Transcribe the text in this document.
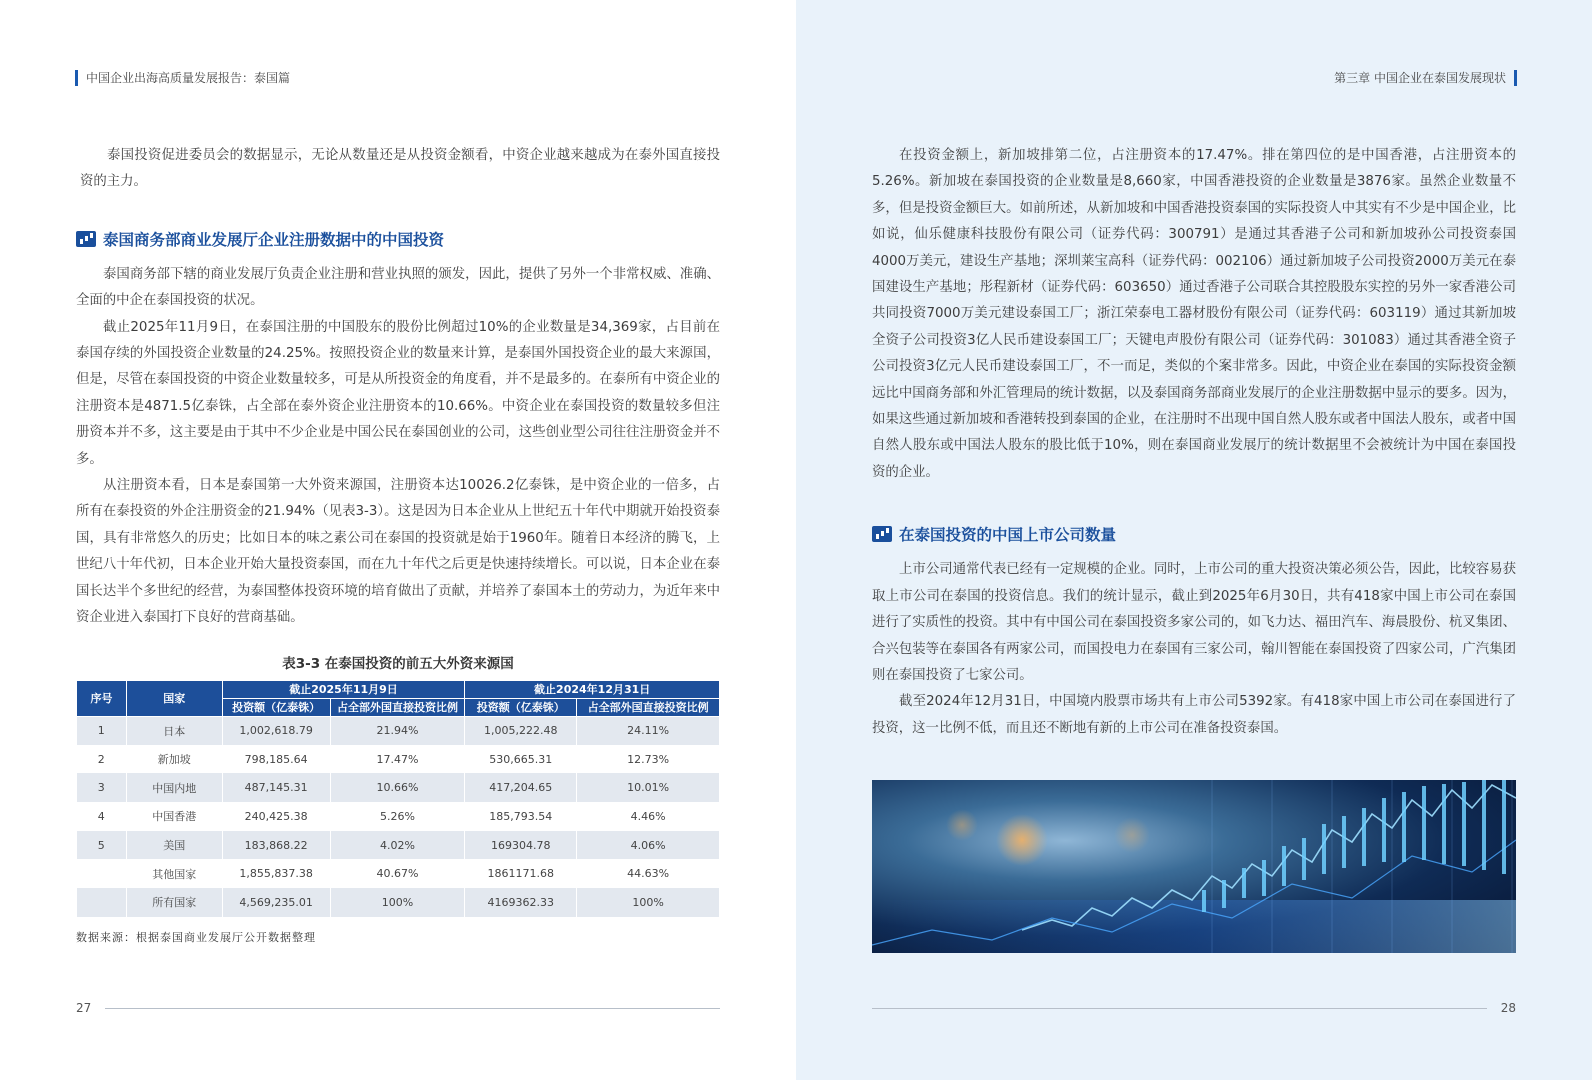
中国企业出海高质量发展报告：泰国篇

泰国投资促进委员会的数据显示，无论从数量还是从投资金额看，中资企业越来越成为在泰外国直接投资的主力。

泰国商务部商业发展厅企业注册数据中的中国投资

泰国商务部下辖的商业发展厅负责企业注册和营业执照的颁发，因此，提供了另外一个非常权威、准确、全面的中企在泰国投资的状况。

截止2025年11月9日，在泰国注册的中国股东的股份比例超过10%的企业数量是34,369家，占目前在泰国存续的外国投资企业数量的24.25%。按照投资企业的数量来计算，是泰国外国投资企业的最大来源国，但是，尽管在泰国投资的中资企业数量较多，可是从所投资金的角度看，并不是最多的。在泰所有中资企业的注册资本是4871.5亿泰铢，占全部在泰外资企业注册资本的10.66%。中资企业在泰国投资的数量较多但注册资本并不多，这主要是由于其中不少企业是中国公民在泰国创业的公司，这些创业型公司往往注册资金并不多。

从注册资本看，日本是泰国第一大外资来源国，注册资本达10026.2亿泰铢，是中资企业的一倍多，占所有在泰投资的外企注册资金的21.94%（见表3-3）。这是因为日本企业从上世纪五十年代中期就开始投资泰国，具有非常悠久的历史；比如日本的味之素公司在泰国的投资就是始于1960年。随着日本经济的腾飞，上世纪八十年代初，日本企业开始大量投资泰国，而在九十年代之后更是快速持续增长。可以说，日本企业在泰国长达半个多世纪的经营，为泰国整体投资环境的培育做出了贡献，并培养了泰国本土的劳动力，为近年来中资企业进入泰国打下良好的营商基础。

表3-3 在泰国投资的前五大外资来源国
序号	国家	截止2025年11月9日		截止2024年12月31日	
		投资额（亿泰铢）	占全部外国直接投资比例	投资额（亿泰铢）	占全部外国直接投资比例
1	日本	1,002,618.79	21.94%	1,005,222.48	24.11%
2	新加坡	798,185.64	17.47%	530,665.31	12.73%
3	中国内地	487,145.31	10.66%	417,204.65	10.01%
4	中国香港	240,425.38	5.26%	185,793.54	4.46%
5	美国	183,868.22	4.02%	169304.78	4.06%
	其他国家	1,855,837.38	40.67%	1861171.68	44.63%
	所有国家	4,569,235.01	100%	4169362.33	100%
数据来源：根据泰国商业发展厅公开数据整理
27
第三章 中国企业在泰国发展现状

在投资金额上，新加坡排第二位，占注册资本的17.47%。排在第四位的是中国香港，占注册资本的5.26%。新加坡在泰国投资的企业数量是8,660家，中国香港投资的企业数量是3876家。虽然企业数量不多，但是投资金额巨大。如前所述，从新加坡和中国香港投资泰国的实际投资人中其实有不少是中国企业，比如说，仙乐健康科技股份有限公司（证券代码：300791）是通过其香港子公司和新加坡孙公司投资泰国4000万美元，建设生产基地；深圳莱宝高科（证券代码：002106）通过新加坡子公司投资2000万美元在泰国建设生产基地；彤程新材（证券代码：603650）通过香港子公司联合其控股股东实控的另外一家香港公司共同投资7000万美元建设泰国工厂；浙江荣泰电工器材股份有限公司（证券代码：603119）通过其新加坡全资子公司投资3亿人民币建设泰国工厂；天键电声股份有限公司（证券代码：301083）通过其香港全资子公司投资3亿元人民币建设泰国工厂，不一而足，类似的个案非常多。因此，中资企业在泰国的实际投资金额远比中国商务部和外汇管理局的统计数据，以及泰国商务部商业发展厅的企业注册数据中显示的要多。因为，如果这些通过新加坡和香港转投到泰国的企业，在注册时不出现中国自然人股东或者中国法人股东，或者中国自然人股东或中国法人股东的股比低于10%，则在泰国商业发展厅的统计数据里不会被统计为中国在泰国投资的企业。

在泰国投资的中国上市公司数量

上市公司通常代表已经有一定规模的企业。同时，上市公司的重大投资决策必须公告，因此，比较容易获取上市公司在泰国的投资信息。我们的统计显示，截止到2025年6月30日，共有418家中国上市公司在泰国进行了实质性的投资。其中有中国公司在泰国投资多家公司的，如飞力达、福田汽车、海晨股份、杭叉集团、合兴包装等在泰国各有两家公司，而国投电力在泰国有三家公司，翰川智能在泰国投资了四家公司，广汽集团则在泰国投资了七家公司。

截至2024年12月31日，中国境内股票市场共有上市公司5392家。有418家中国上市公司在泰国进行了投资，这一比例不低，而且还不断地有新的上市公司在准备投资泰国。

28
